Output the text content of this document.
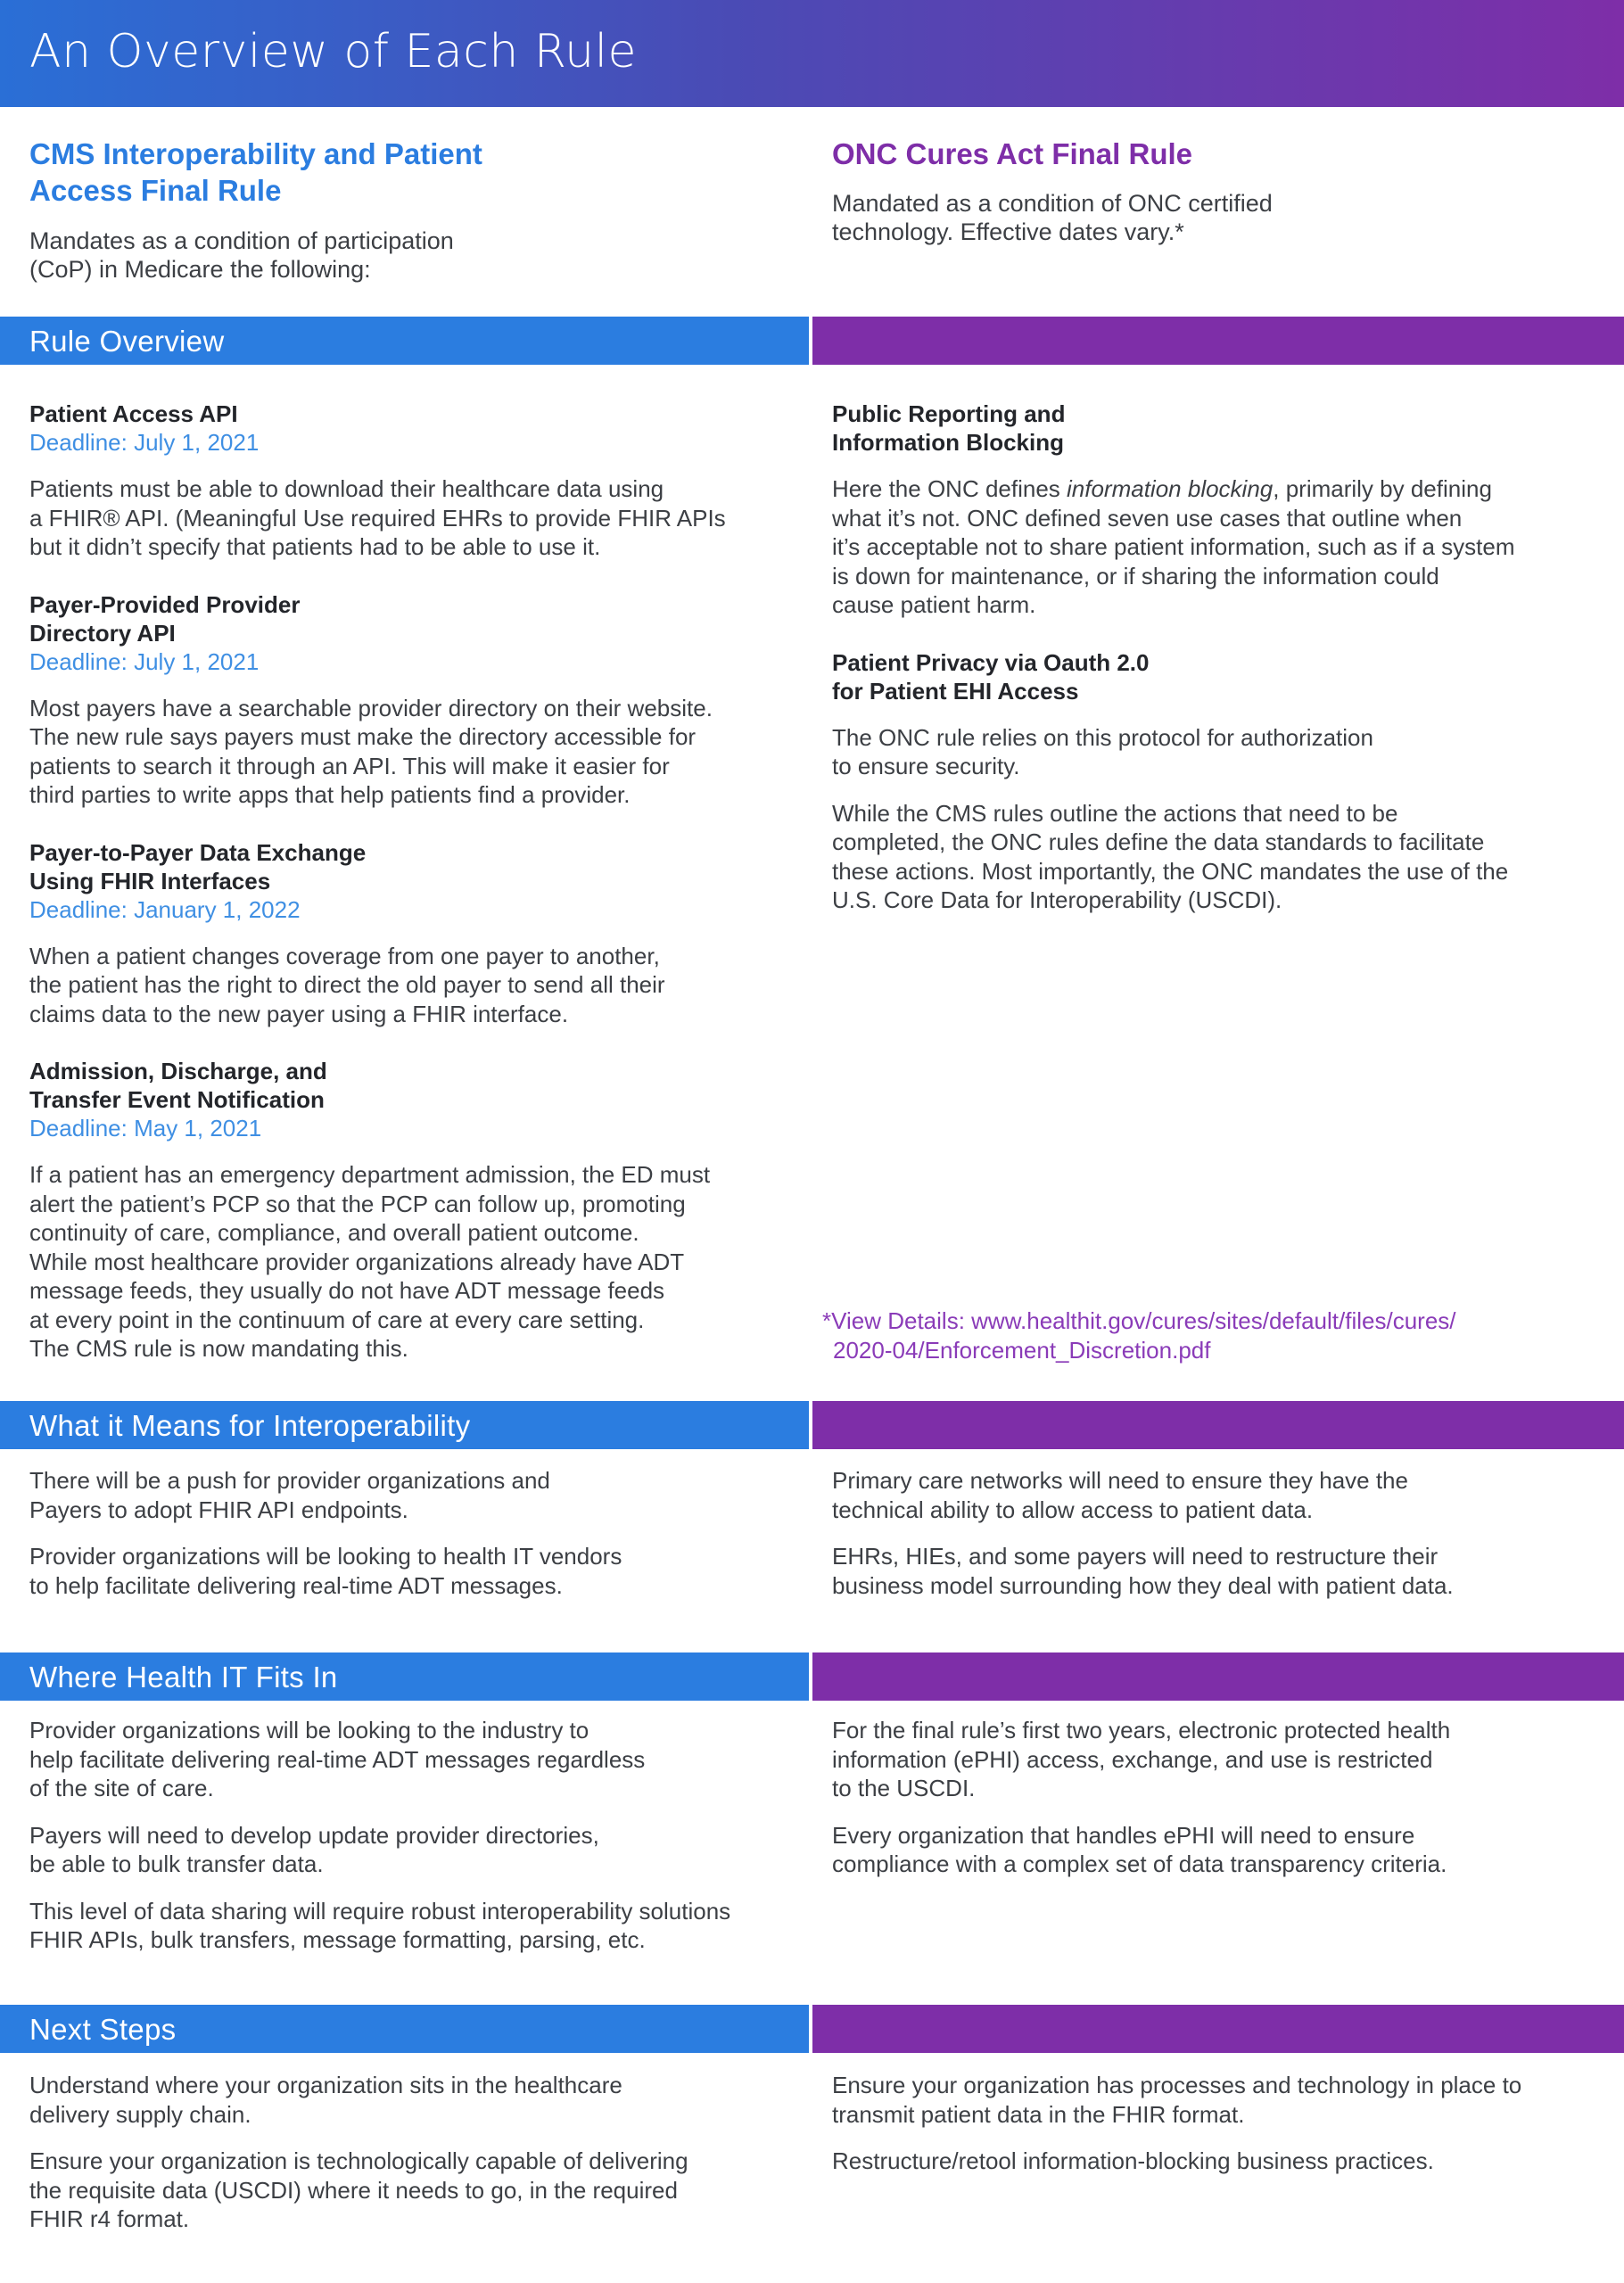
An Overview of Each Rule
CMS Interoperability and Patient
Access Final Rule
Mandates as a condition of participation
(CoP) in Medicare the following:
ONC Cures Act Final Rule
Mandated as a condition of ONC certified
technology. Effective dates vary.*
Rule Overview
Patient Access API
Deadline: July 1, 2021

Patients must be able to download their healthcare data using
a FHIR® API. (Meaningful Use required EHRs to provide FHIR APIs
but it didn’t specify that patients had to be able to use it.

Payer-Provided Provider
Directory API
Deadline: July 1, 2021

Most payers have a searchable provider directory on their website.
The new rule says payers must make the directory accessible for
patients to search it through an API. This will make it easier for
third parties to write apps that help patients find a provider.

Payer-to-Payer Data Exchange
Using FHIR Interfaces
Deadline: January 1, 2022

When a patient changes coverage from one payer to another,
the patient has the right to direct the old payer to send all their
claims data to the new payer using a FHIR interface.

Admission, Discharge, and
Transfer Event Notification
Deadline: May 1, 2021

If a patient has an emergency department admission, the ED must
alert the patient’s PCP so that the PCP can follow up, promoting
continuity of care, compliance, and overall patient outcome.
While most healthcare provider organizations already have ADT
message feeds, they usually do not have ADT message feeds
at every point in the continuum of care at every care setting.
The CMS rule is now mandating this.

Public Reporting and
Information Blocking

Here the ONC defines information blocking, primarily by defining
what it’s not. ONC defined seven use cases that outline when
it’s acceptable not to share patient information, such as if a system
is down for maintenance, or if sharing the information could
cause patient harm.

Patient Privacy via Oauth 2.0
for Patient EHI Access

The ONC rule relies on this protocol for authorization
to ensure security.

While the CMS rules outline the actions that need to be
completed, the ONC rules define the data standards to facilitate
these actions. Most importantly, the ONC mandates the use of the
U.S. Core Data for Interoperability (USCDI).

*View Details: www.healthit.gov/cures/sites/default/files/cures/
2020-04/Enforcement_Discretion.pdf
What it Means for Interoperability

There will be a push for provider organizations and
Payers to adopt FHIR API endpoints.

Provider organizations will be looking to health IT vendors
to help facilitate delivering real-time ADT messages.

Primary care networks will need to ensure they have the
technical ability to allow access to patient data.

EHRs, HIEs, and some payers will need to restructure their
business model surrounding how they deal with patient data.

Where Health IT Fits In

Provider organizations will be looking to the industry to
help facilitate delivering real-time ADT messages regardless
of the site of care.

Payers will need to develop update provider directories,
be able to bulk transfer data.

This level of data sharing will require robust interoperability solutions
FHIR APIs, bulk transfers, message formatting, parsing, etc.

For the final rule’s first two years, electronic protected health
information (ePHI) access, exchange, and use is restricted
to the USCDI.

Every organization that handles ePHI will need to ensure
compliance with a complex set of data transparency criteria.

Next Steps

Understand where your organization sits in the healthcare
delivery supply chain.

Ensure your organization is technologically capable of delivering
the requisite data (USCDI) where it needs to go, in the required
FHIR r4 format.

Ensure your organization has processes and technology in place to
transmit patient data in the FHIR format.

Restructure/retool information-blocking business practices.
